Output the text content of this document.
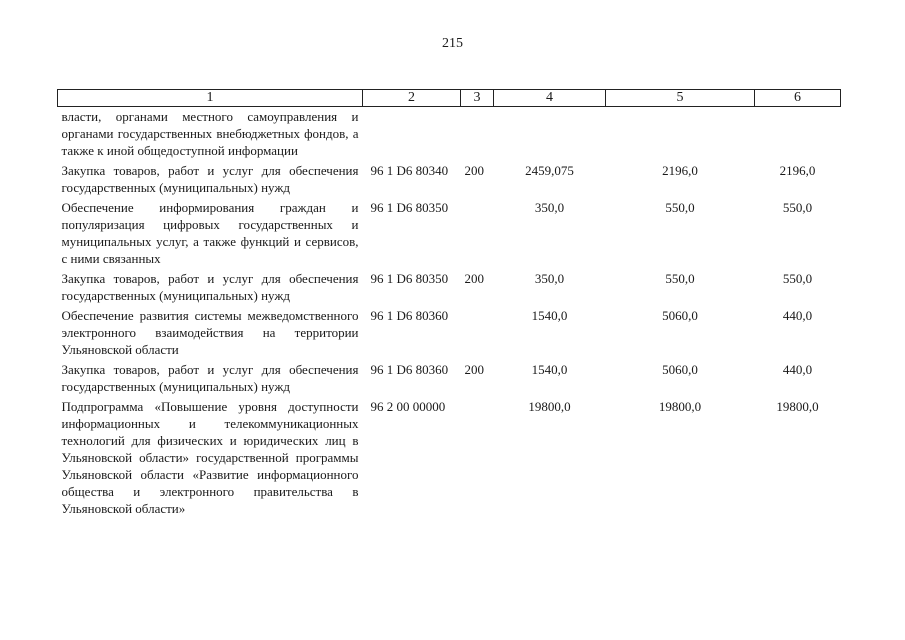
215
1	2	3	4	5	6

власти, органами местного самоуправления и органами государственных внебюджетных фондов, а также к иной общедоступной информации					

Закупка товаров, работ и услуг для обеспечения государственных (муниципальных) нужд	96 1 D6 80340	200	2459,075	2196,0	2196,0

Обеспечение информирования граждан и популяризация цифровых государственных и муниципальных услуг, а также функций и сервисов, с ними связанных	96 1 D6 80350		350,0	550,0	550,0

Закупка товаров, работ и услуг для обеспечения государственных (муниципальных) нужд	96 1 D6 80350	200	350,0	550,0	550,0

Обеспечение развития системы межведомственного электронного взаимодействия на территории Ульяновской области	96 1 D6 80360		1540,0	5060,0	440,0

Закупка товаров, работ и услуг для обеспечения государственных (муниципальных) нужд	96 1 D6 80360	200	1540,0	5060,0	440,0

Подпрограмма «Повышение уровня доступности информационных и телекоммуникационных технологий для физических и юридических лиц в Ульяновской области» государственной программы Ульяновской области «Развитие информационного общества и электронного правительства в Ульяновской области»	96 2 00 00000		19800,0	19800,0	19800,0
